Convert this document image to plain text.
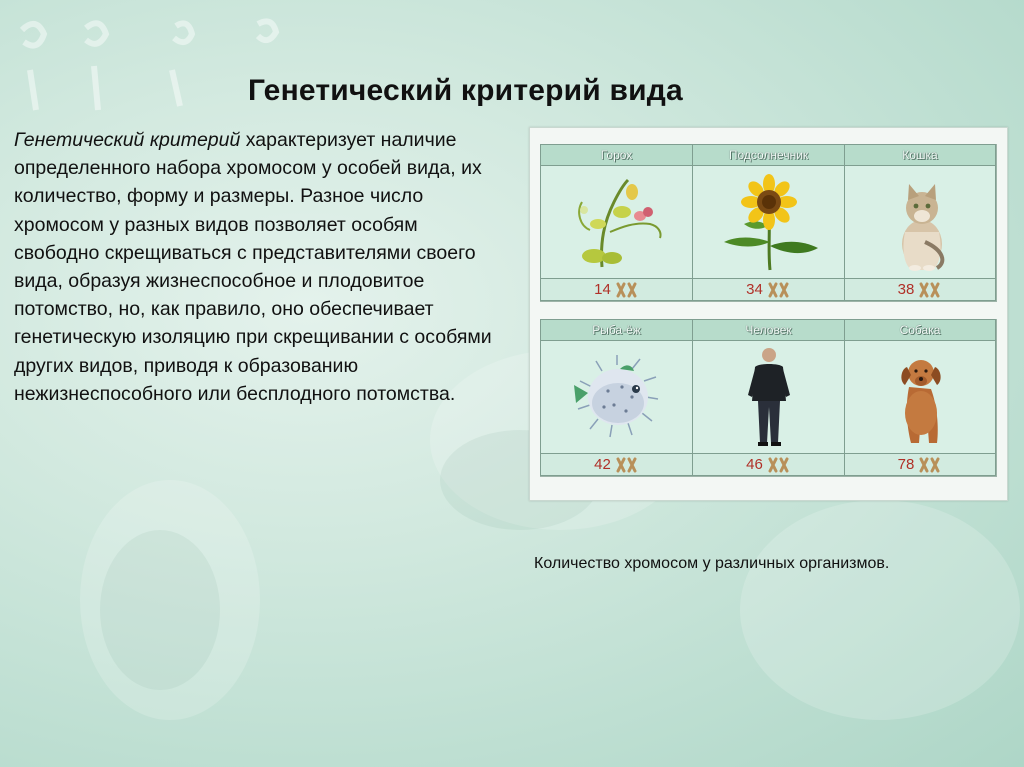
Генетический критерий вида
Генетический критерий характеризует наличие определенного набора хромосом у особей вида, их количество, форму и размеры. Разное число хромосом у разных видов позволяет особям свободно скрещиваться с представителями своего вида, образуя жизнеспособное и плодовитое потомство, но, как правило, оно обеспечивает генетическую изоляцию при скрещивании с особями других видов, приводя к образованию нежизнеспособного или бесплодного потомства.
Горох	Подсолнечник	Кошка
14	34	38
Рыба-ёж	Человек	Собака
42	46	78
Количество хромосом у различных организмов.
